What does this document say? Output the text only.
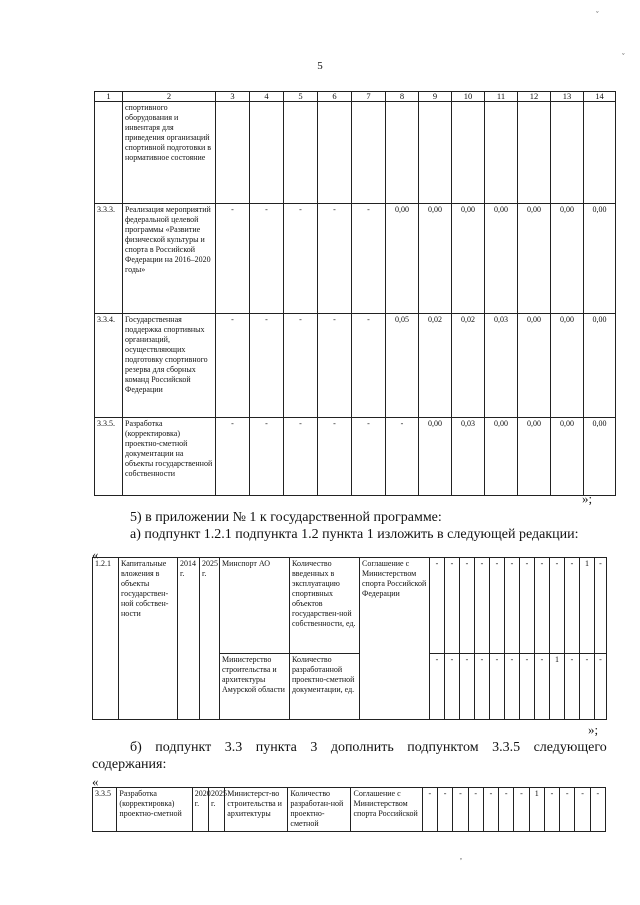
ˇ
ˇ
5
1	2	3	4	5	6	7	8	9	10	11	12	13	14
	спортивного оборудования и инвентаря для приведения организаций спортивной подготовки в нормативное состояние												
3.3.3.	Реализация мероприятий федеральной целевой программы «Развитие физической культуры и спорта в Российской Федерации на 2016–2020 годы»	-	-	-	-	-	0,00	0,00	0,00	0,00	0,00	0,00	0,00
3.3.4.	Государственная поддержка спортивных организаций, осуществляющих подготовку спортивного резерва для сборных команд Российской Федерации	-	-	-	-	-	0,05	0,02	0,02	0,03	0,00	0,00	0,00
3.3.5.	Разработка (корректировка) проектно-сметной документации на объекты государственной собственности	-	-	-	-	-	-	0,00	0,03	0,00	0,00	0,00	0,00
»;
5) в приложении № 1 к государственной программе:
а) подпункт 1.2.1 подпункта 1.2 пункта 1 изложить в следующей редакции:
«
1.2.1	Капитальные вложения в объекты государствен-ной собствен-ности	2014 г.	2025 г.	Минспорт АО	Количество введенных в эксплуатацию спортивных объектов государствен-ной собственности, ед.	Соглашение с Министерством спорта Российской Федерации	-	-	-	-	-	-	-	-	-	-	1	-
				Министерство строительства и архитектуры Амурской области	Количество разработанной проектно-сметной документации, ед.		-	-	-	-	-	-	-	-	1	-	-	-
»;
б) подпункт 3.3 пункта 3 дополнить подпунктом 3.3.5 следующего
содержания:
«
3.3.5	Разработка (корректировка) проектно-сметной	2020 г.	2025 г.	Министерст-во строительства и архитектуры	Количество разработан-ной проектно-сметной	Соглашение с Министерством спорта Российской	-	-	-	-	-	-	-	1	-	-	-	-
,
